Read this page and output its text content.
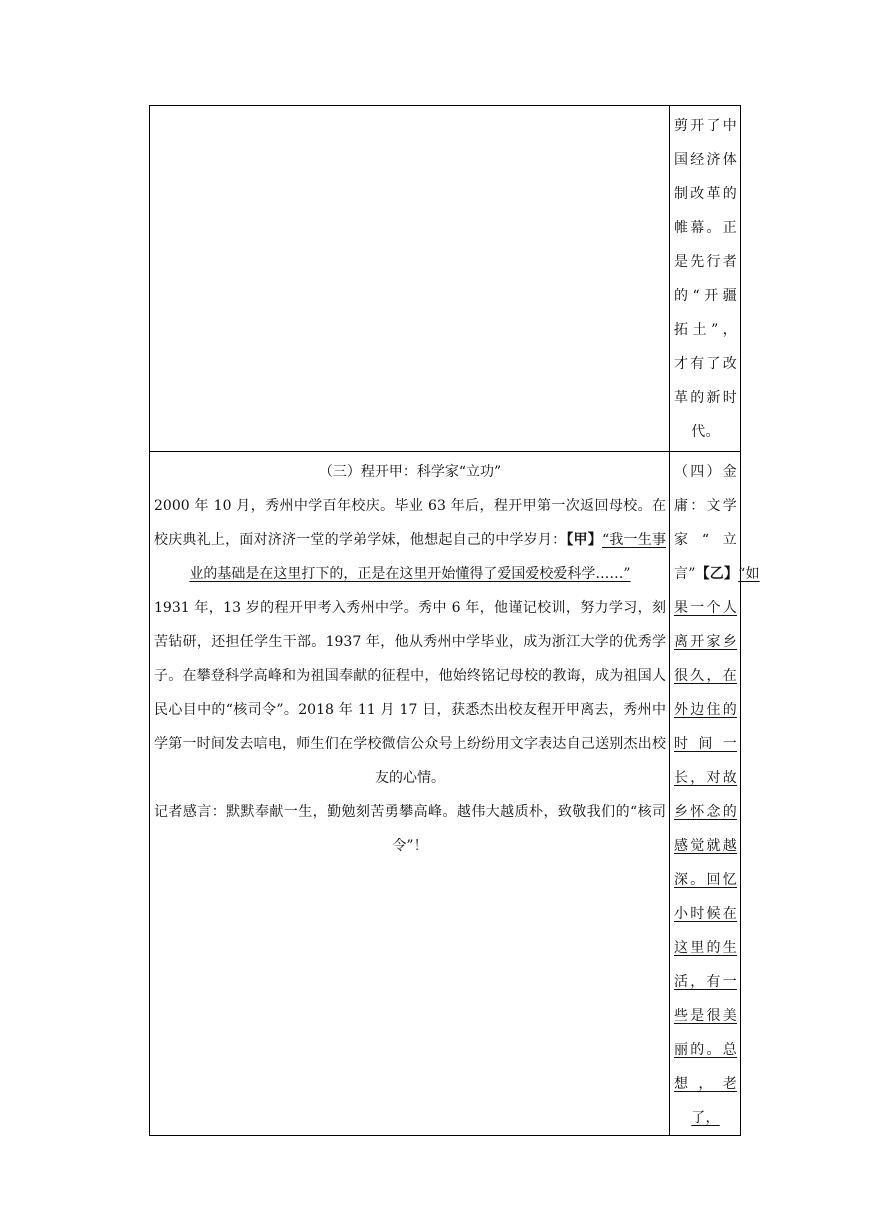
	剪开了中国经济体制改革的帷幕。正是先行者的“开疆拓土”，才有了改革的新时代。

（三）程开甲：科学家“立功”

2000 年 10 月，秀州中学百年校庆。毕业 63 年后，程开甲第一次返回母校。在校庆典礼上，面对济济一堂的学弟学妹，他想起自己的中学岁月：【甲】“我一生事业的基础是在这里打下的，正是在这里开始懂得了爱国爱校爱科学……”

1931 年，13 岁的程开甲考入秀州中学。秀中 6 年，他谨记校训，努力学习，刻苦钻研，还担任学生干部。1937 年，他从秀州中学毕业，成为浙江大学的优秀学子。在攀登科学高峰和为祖国奉献的征程中，他始终铭记母校的教诲，成为祖国人民心目中的“核司令”。2018 年 11 月 17 日，获悉杰出校友程开甲离去，秀州中学第一时间发去唁电，师生们在学校微信公众号上纷纷用文字表达自己送别杰出校友的心情。

记者感言：默默奉献一生，勤勉刻苦勇攀高峰。越伟大越质朴，致敬我们的“核司令”！	（四）金庸：文学家“立言”【乙】“如果一个人离开家乡很久，在外边住的时间一长，对故乡怀念的感觉就越深。回忆小时候在这里的生活，有一些是很美丽的。总想，老了，
